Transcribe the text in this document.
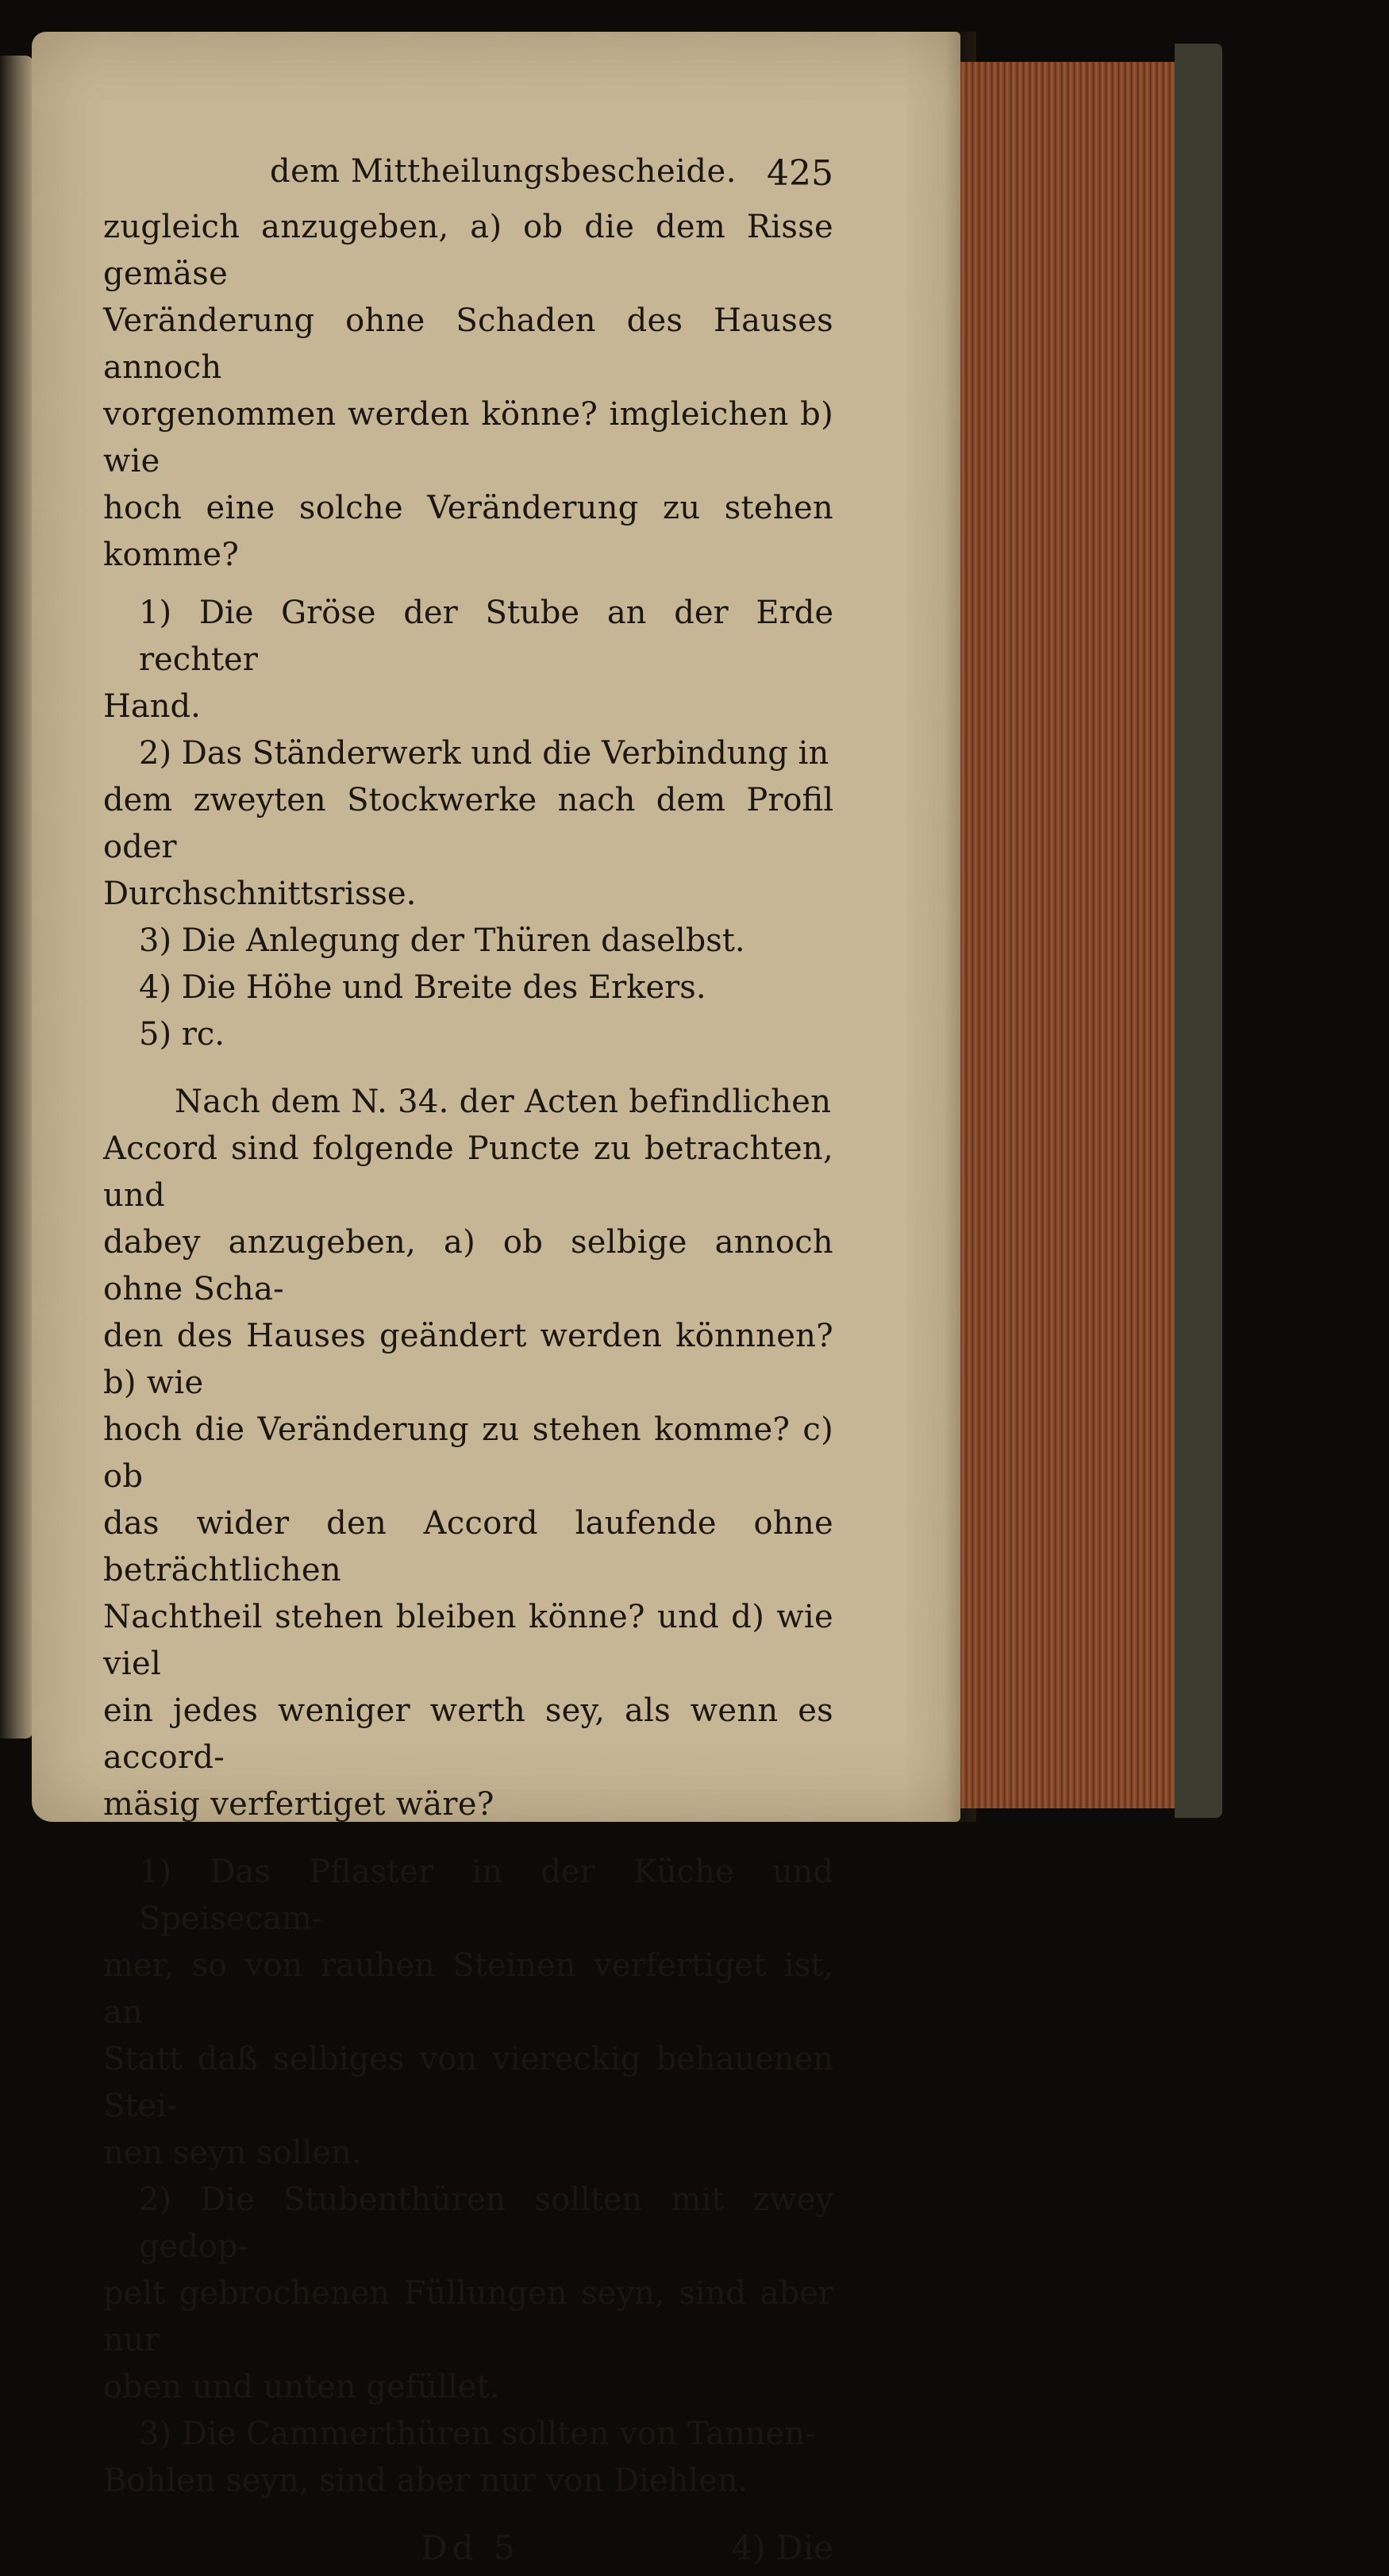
dem Mittheilungsbescheide. 425

zugleich anzugeben, a) ob die dem Risse gemäse

Veränderung ohne Schaden des Hauses annoch

vorgenommen werden könne? imgleichen b) wie

hoch eine solche Veränderung zu stehen komme?

1) Die Gröse der Stube an der Erde rechter

Hand.

2) Das Ständerwerk und die Verbindung in

dem zweyten Stockwerke nach dem Profil oder

Durchschnittsrisse.

3) Die Anlegung der Thüren daselbst.

4) Die Höhe und Breite des Erkers.

5) rc.

Nach dem N. 34. der Acten befindlichen

Accord sind folgende Puncte zu betrachten, und

dabey anzugeben, a) ob selbige annoch ohne Scha-

den des Hauses geändert werden könnnen? b) wie

hoch die Veränderung zu stehen komme? c) ob

das wider den Accord laufende ohne beträchtlichen

Nachtheil stehen bleiben könne? und d) wie viel

ein jedes weniger werth sey, als wenn es accord-

mäsig verfertiget wäre?

1) Das Pflaster in der Küche und Speisecam-

mer, so von rauhen Steinen verfertiget ist, an

Statt daß selbiges von viereckig behauenen Stei-

nen seyn sollen.

2) Die Stubenthüren sollten mit zwey gedop-

pelt gebrochenen Füllungen seyn, sind aber nur

oben und unten gefüllet.

3) Die Cammerthüren sollten von Tannen-

Bohlen seyn, sind aber nur von Diehlen.

Dd 5	4) Die
